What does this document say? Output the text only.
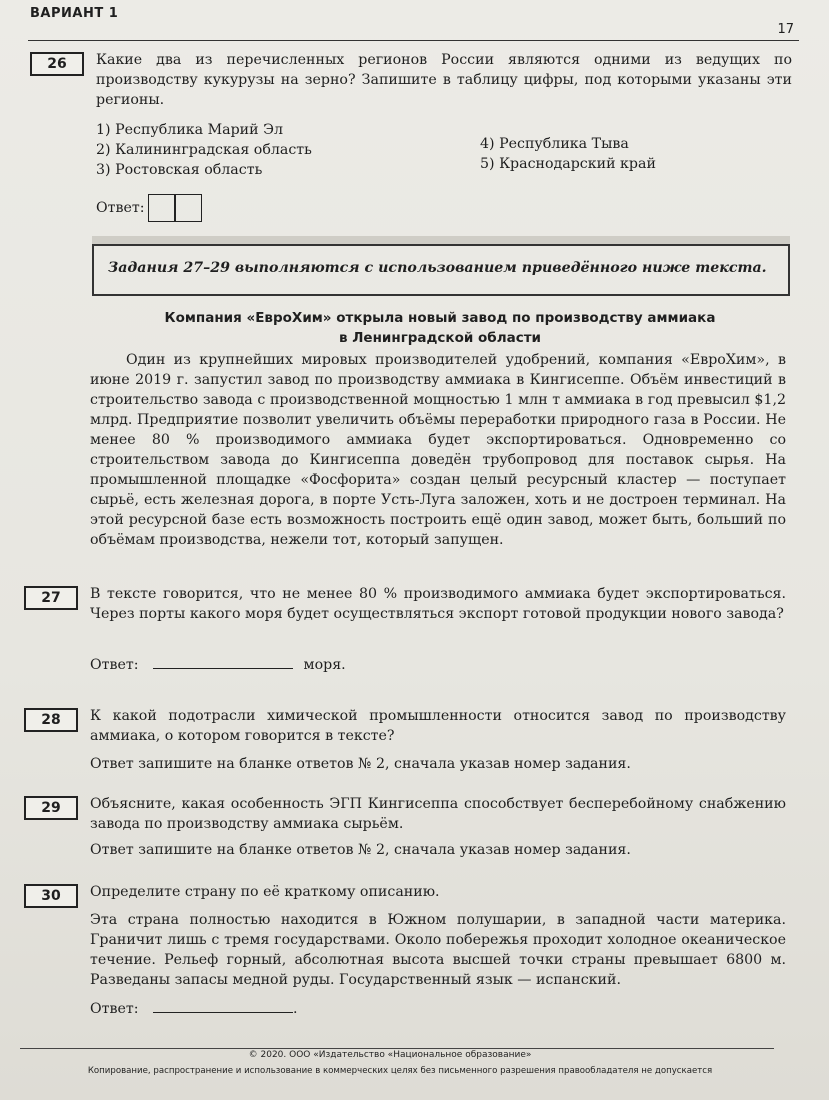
ВАРИАНТ 1
17
26	Какие два из перечисленных регионов России являются одними из ведущих по производству кукурузы на зерно? Запишите в таблицу цифры, под которыми указаны эти регионы.
1) Республика Марий Эл
2) Калининградская область
3) Ростовская область
4) Республика Тыва
5) Краснодарский край
Ответ:
Задания 27–29 выполняются с использованием приведённого ниже текста.
Компания «ЕвроХим» открыла новый завод по производству аммиака
в Ленинградской области
Один из крупнейших мировых производителей удобрений, компания «ЕвроХим», в июне 2019 г. запустил завод по производству аммиака в Кингисеппе. Объём инвестиций в строительство завода с производственной мощностью 1 млн т аммиака в год превысил $1,2 млрд. Предприятие позволит увеличить объёмы переработки природного газа в России. Не менее 80 % производимого аммиака будет экспортироваться. Одновременно со строительством завода до Кингисеппа доведён трубопровод для поставок сырья. На промышленной площадке «Фосфорита» создан целый ресурсный кластер — поступает сырьё, есть железная дорога, в порте Усть-Луга заложен, хоть и не достроен терминал. На этой ресурсной базе есть возможность построить ещё один завод, может быть, больший по объёмам производства, нежели тот, который запущен.
27	В тексте говорится, что не менее 80 % производимого аммиака будет экспортироваться. Через порты какого моря будет осуществляться экспорт готовой продукции нового завода?
Ответ:	моря.
28	К какой подотрасли химической промышленности относится завод по производству аммиака, о котором говорится в тексте?
Ответ запишите на бланке ответов № 2, сначала указав номер задания.
29	Объясните, какая особенность ЭГП Кингисеппа способствует бесперебойному снабжению завода по производству аммиака сырьём.
Ответ запишите на бланке ответов № 2, сначала указав номер задания.
30	Определите страну по её краткому описанию.
Эта страна полностью находится в Южном полушарии, в западной части материка. Граничит лишь с тремя государствами. Около побережья проходит холодное океаническое течение. Рельеф горный, абсолютная высота высшей точки страны превышает 6800 м. Разведаны запасы медной руды. Государственный язык — испанский.
Ответ:	.
© 2020. ООО «Издательство «Национальное образование»
Копирование, распространение и использование в коммерческих целях без письменного разрешения правообладателя не допускается
